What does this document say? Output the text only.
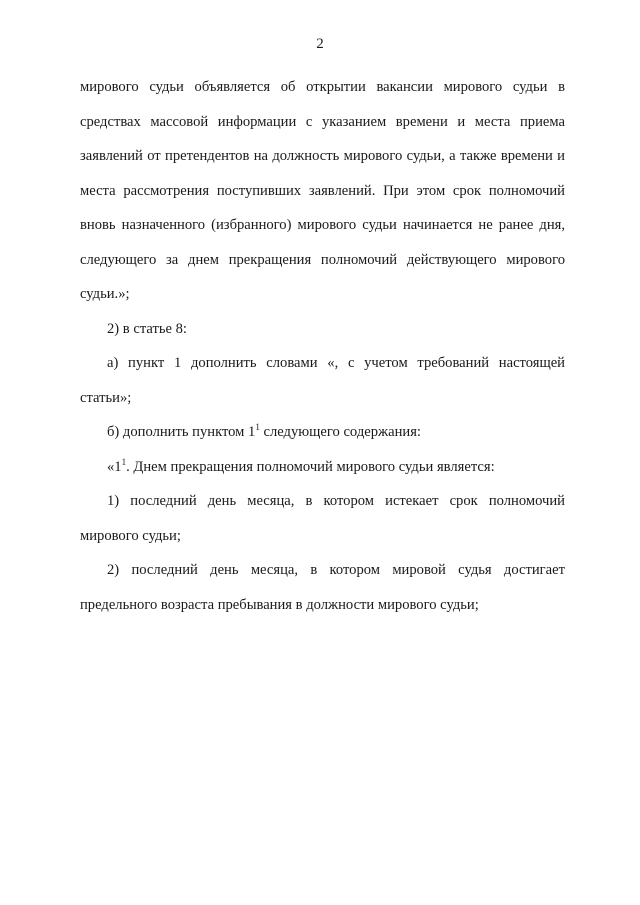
2

мирового судьи объявляется об открытии вакансии мирового судьи в средствах массовой информации с указанием времени и места приема заявлений от претендентов на должность мирового судьи, а также времени и места рассмотрения поступивших заявлений. При этом срок полномочий вновь назначенного (избранного) мирового судьи начинается не ранее дня, следующего за днем прекращения полномочий действующего мирового судьи.»;

2) в статье 8:

а) пункт 1 дополнить словами «, с учетом требований настоящей статьи»;

б) дополнить пунктом $1^1$ следующего содержания:

«$1^1$. Днем прекращения полномочий мирового судьи является:

1) последний день месяца, в котором истекает срок полномочий мирового судьи;

2) последний день месяца, в котором мировой судья достигает предельного возраста пребывания в должности мирового судьи;
